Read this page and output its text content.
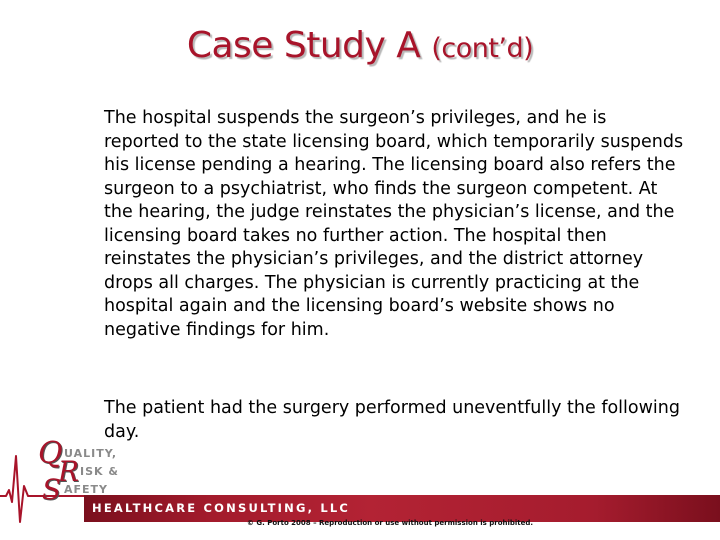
Case Study A (cont’d)

The hospital suspends the surgeon’s privileges, and he is reported to the state licensing board, which temporarily suspends his license pending a hearing. The licensing board also refers the surgeon to a psychiatrist, who finds the surgeon competent. At the hearing, the judge reinstates the physician’s license, and the licensing board takes no further action. The hospital then reinstates the physician’s privileges, and the district attorney drops all charges. The physician is currently practicing at the hospital again and the licensing board’s website shows no negative findings for him.

The patient had the surgery performed uneventfully the following day.

HEALTHCARE CONSULTING, LLC
Q UALITY,
R ISK &
S AFETY
© G. Porto 2008 – Reproduction or use without permission is prohibited.
